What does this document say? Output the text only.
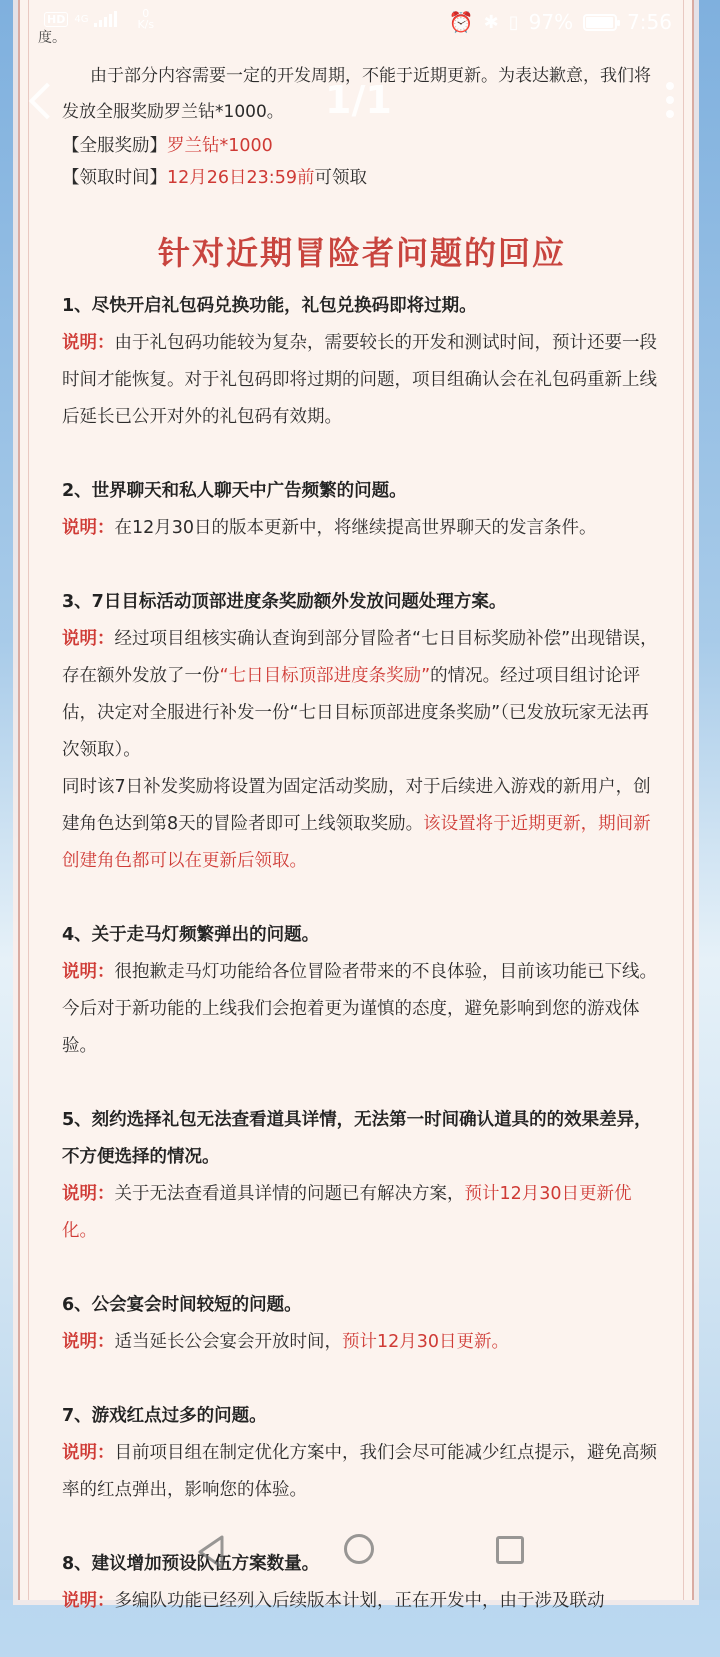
HD 4G	0
K/s	⏰ ✱ ▯ 97%	7:56
1/1

度。

由于部分内容需要一定的开发周期，不能于近期更新。为表达歉意，我们将发放全服奖励罗兰钻*1000。

【全服奖励】罗兰钻*1000

【领取时间】12月26日23:59前可领取

针对近期冒险者问题的回应

1、尽快开启礼包码兑换功能，礼包兑换码即将过期。

说明：由于礼包码功能较为复杂，需要较长的开发和测试时间，预计还要一段时间才能恢复。对于礼包码即将过期的问题，项目组确认会在礼包码重新上线后延长已公开对外的礼包码有效期。

2、世界聊天和私人聊天中广告频繁的问题。

说明：在12月30日的版本更新中，将继续提高世界聊天的发言条件。

3、7日目标活动顶部进度条奖励额外发放问题处理方案。

说明：经过项目组核实确认查询到部分冒险者“七日目标奖励补偿”出现错误，存在额外发放了一份“七日目标顶部进度条奖励”的情况。经过项目组讨论评估，决定对全服进行补发一份“七日目标顶部进度条奖励”（已发放玩家无法再次领取）。

同时该7日补发奖励将设置为固定活动奖励，对于后续进入游戏的新用户，创建角色达到第8天的冒险者即可上线领取奖励。该设置将于近期更新，期间新创建角色都可以在更新后领取。

4、关于走马灯频繁弹出的问题。

说明：很抱歉走马灯功能给各位冒险者带来的不良体验，目前该功能已下线。今后对于新功能的上线我们会抱着更为谨慎的态度，避免影响到您的游戏体验。

5、刻约选择礼包无法查看道具详情，无法第一时间确认道具的的效果差异，不方便选择的情况。

说明：关于无法查看道具详情的问题已有解决方案，预计12月30日更新优化。

6、公会宴会时间较短的问题。

说明：适当延长公会宴会开放时间，预计12月30日更新。

7、游戏红点过多的问题。

说明：目前项目组在制定优化方案中，我们会尽可能减少红点提示，避免高频率的红点弹出，影响您的体验。

8、建议增加预设队伍方案数量。

说明：多编队功能已经列入后续版本计划，正在开发中，由于涉及联动
